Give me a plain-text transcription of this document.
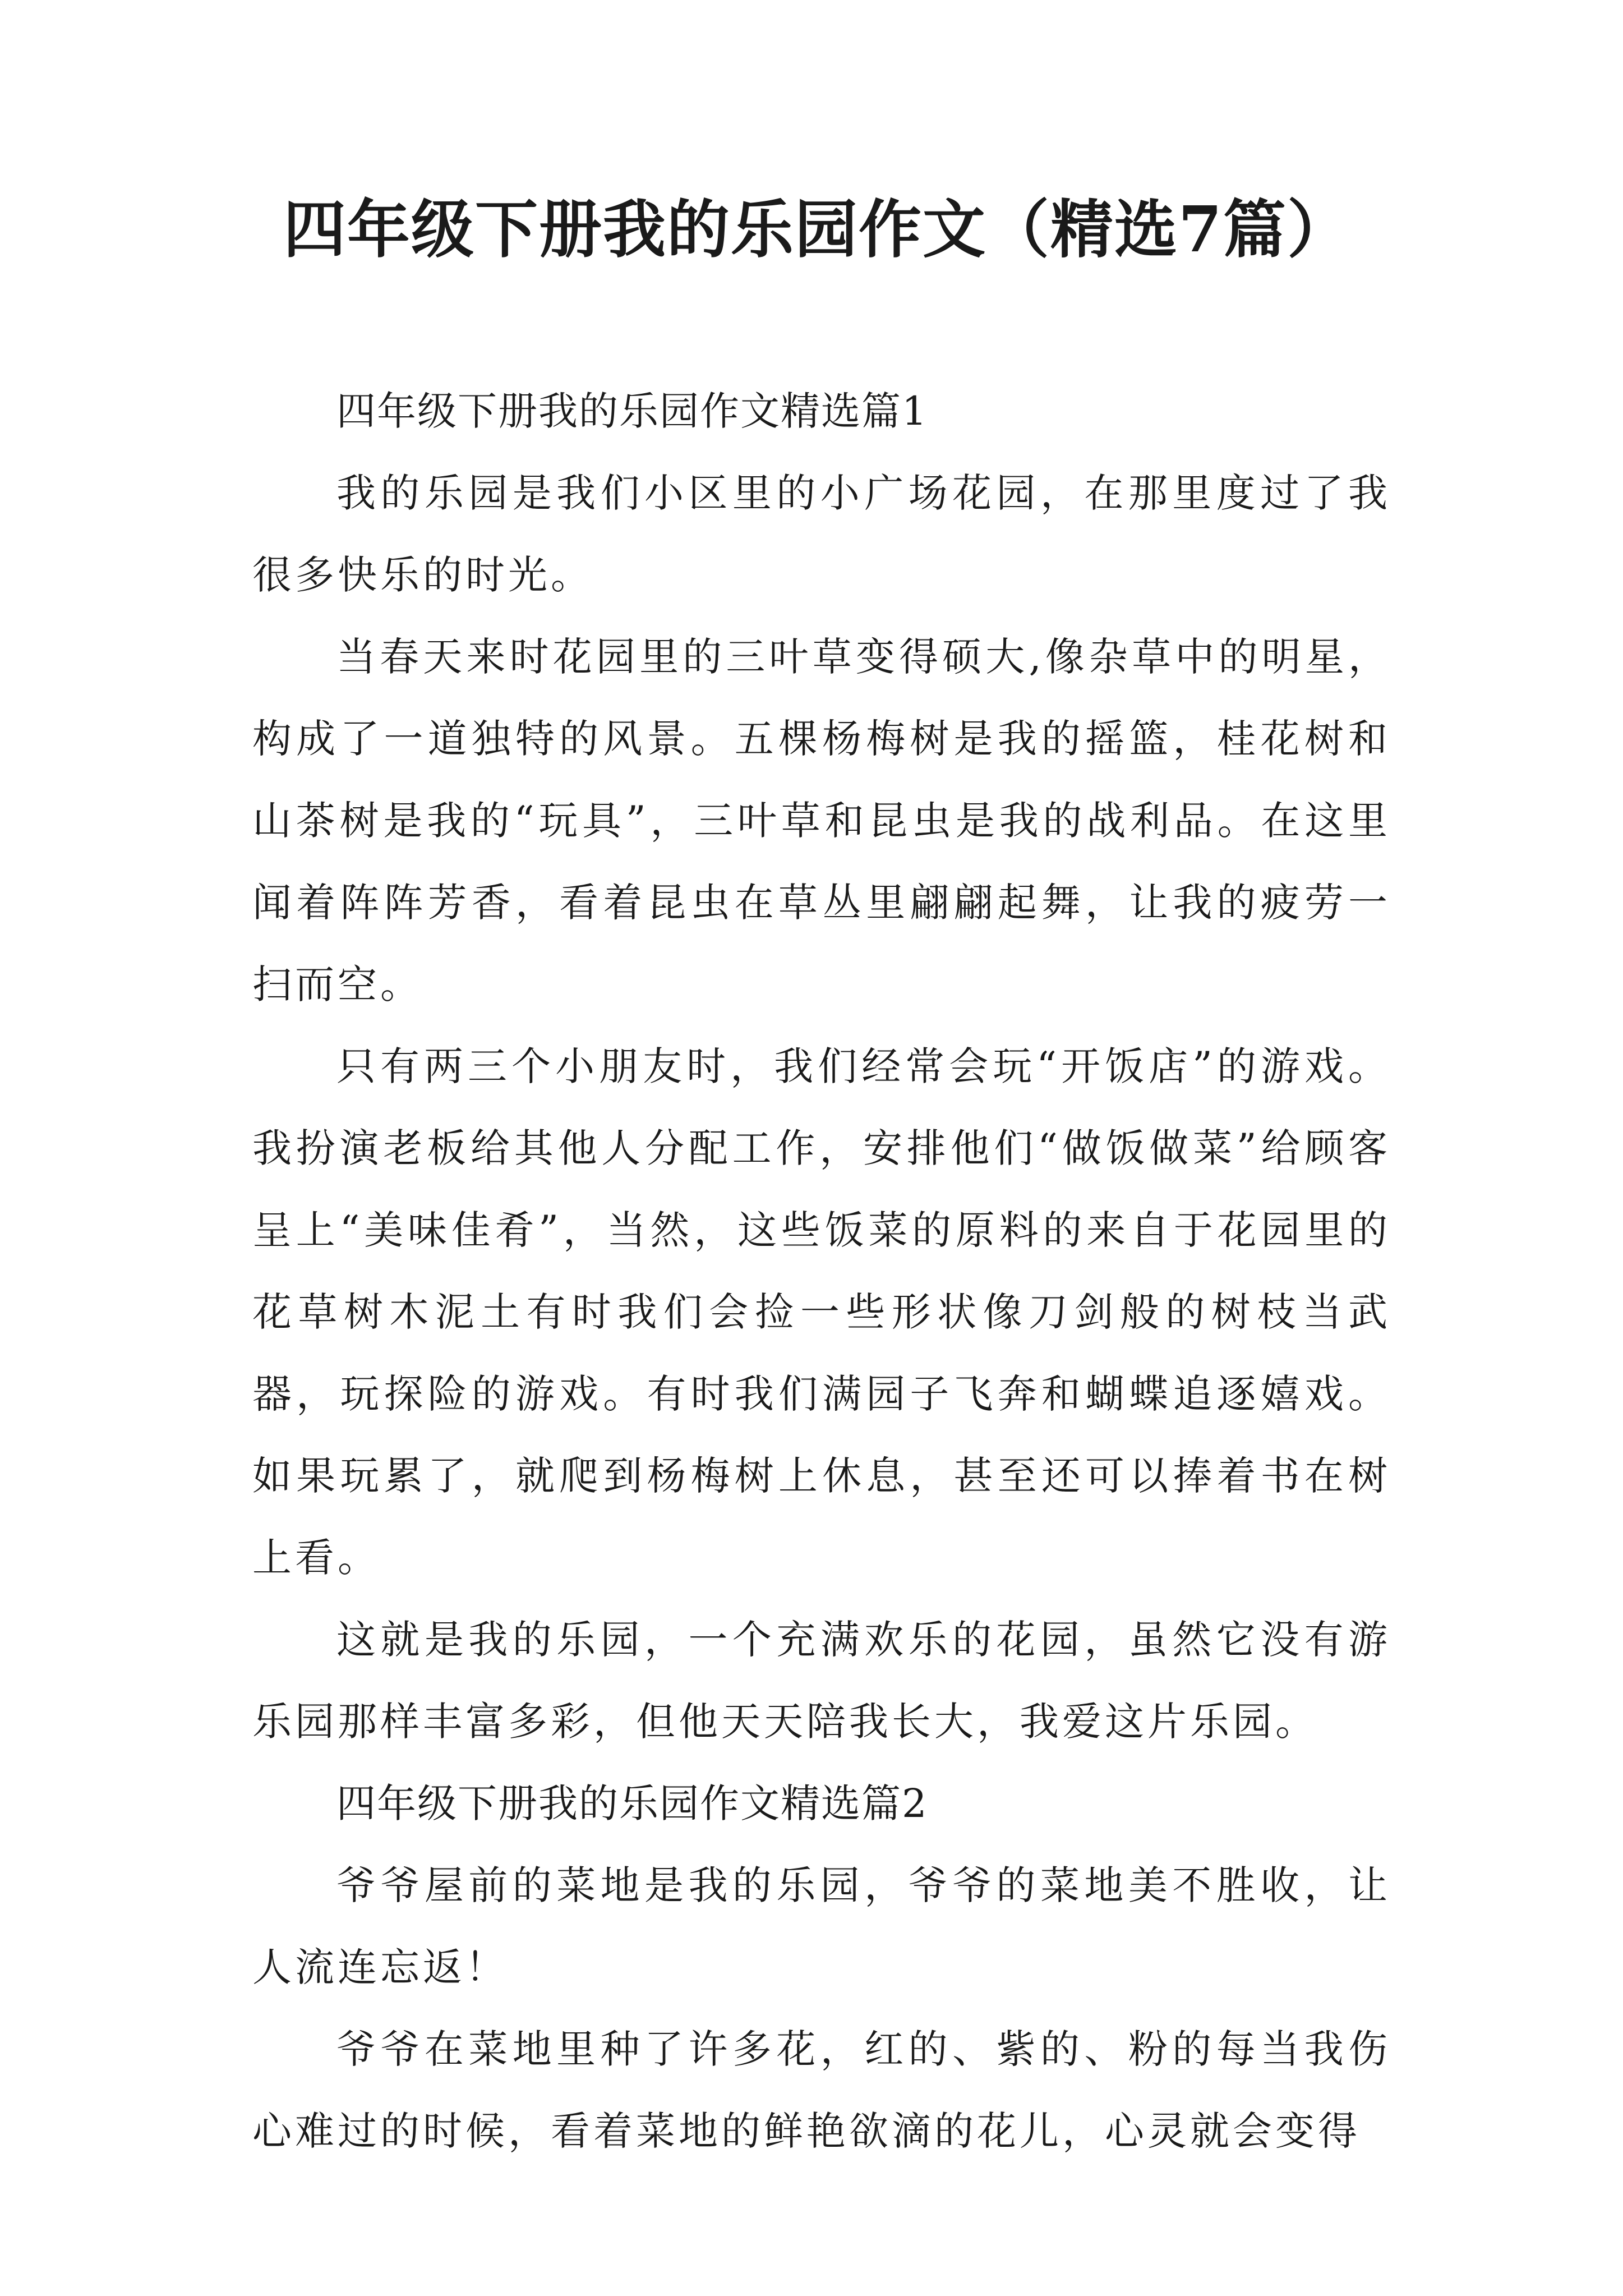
四年级下册我的乐园作文（精选7篇）

四年级下册我的乐园作文精选篇1

我的乐园是我们小区里的小广场花园，在那里度过了我很多快乐的时光。

当春天来时花园里的三叶草变得硕大,像杂草中的明星，构成了一道独特的风景。五棵杨梅树是我的摇篮，桂花树和山茶树是我的“玩具”，三叶草和昆虫是我的战利品。在这里闻着阵阵芳香，看着昆虫在草丛里翩翩起舞，让我的疲劳一扫而空。

只有两三个小朋友时，我们经常会玩“开饭店”的游戏。我扮演老板给其他人分配工作，安排他们“做饭做菜”给顾客呈上“美味佳肴”，当然，这些饭菜的原料的来自于花园里的花草树木泥土有时我们会捡一些形状像刀剑般的树枝当武器，玩探险的游戏。有时我们满园子飞奔和蝴蝶追逐嬉戏。如果玩累了，就爬到杨梅树上休息，甚至还可以捧着书在树上看。

这就是我的乐园，一个充满欢乐的花园，虽然它没有游乐园那样丰富多彩，但他天天陪我长大，我爱这片乐园。

四年级下册我的乐园作文精选篇2

爷爷屋前的菜地是我的乐园，爷爷的菜地美不胜收，让人流连忘返！

爷爷在菜地里种了许多花，红的、紫的、粉的每当我伤心难过的时候，看着菜地的鲜艳欲滴的花儿，心灵就会变得
